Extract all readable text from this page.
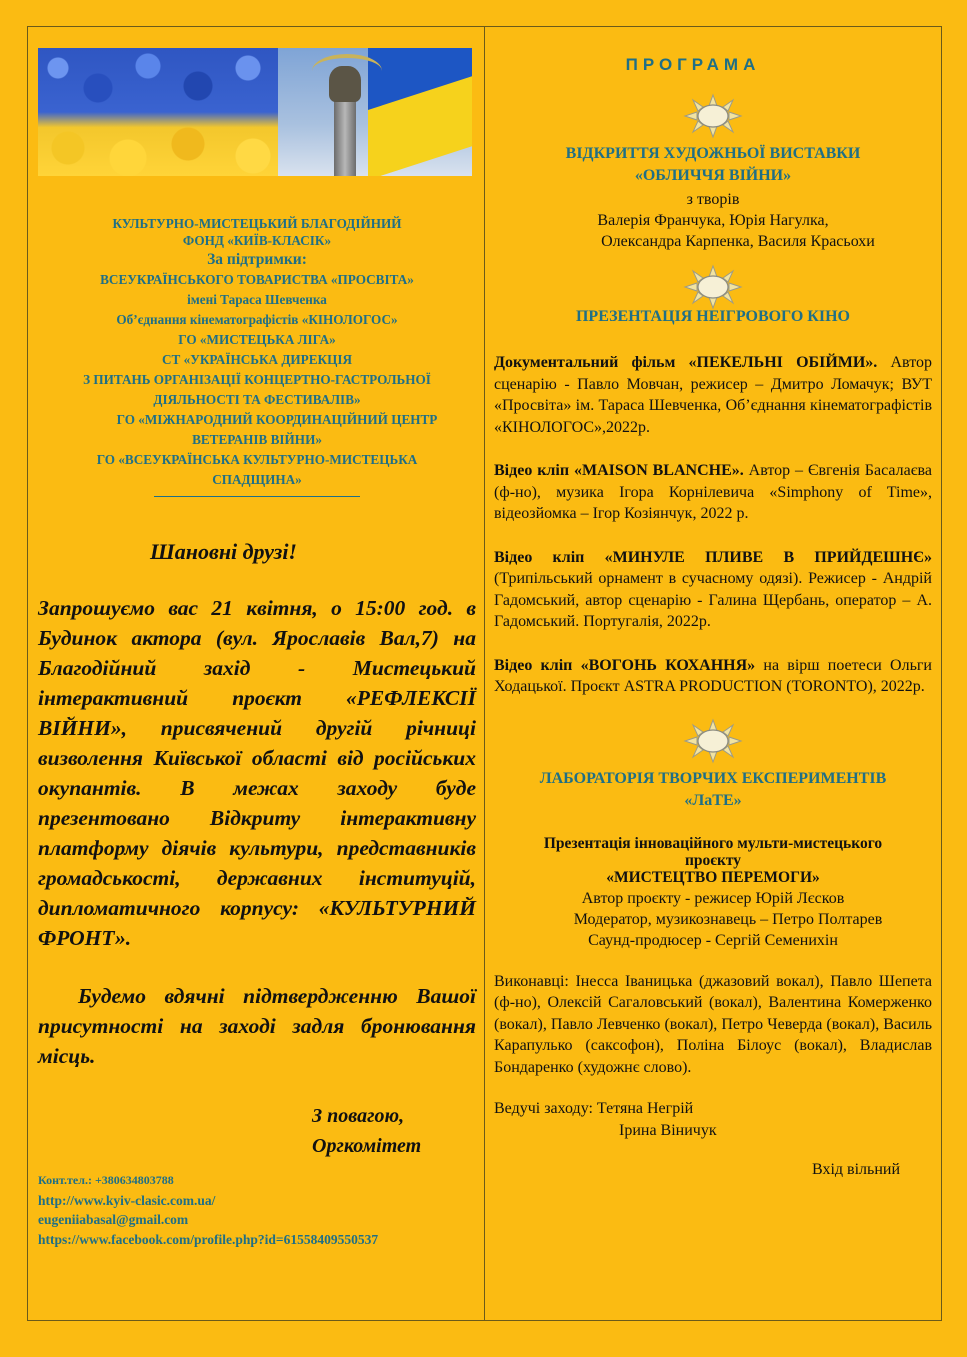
КУЛЬТУРНО-МИСТЕЦЬКИЙ БЛАГОДІЙНИЙ
ФОНД «КИЇВ-КЛАСІК»
За підтримки:
ВСЕУКРАЇНСЬКОГО ТОВАРИСТВА «ПРОСВІТА»
імені Тараса Шевченка
Об’єднання кінематографістів «КІНОЛОГОС»
ГО «МИСТЕЦЬКА ЛІГА»
СТ «УКРАЇНСЬКА ДИРЕКЦІЯ
З ПИТАНЬ ОРГАНІЗАЦІЇ КОНЦЕРТНО-ГАСТРОЛЬНОЇ
ДІЯЛЬНОСТІ ТА ФЕСТИВАЛІВ»
ГО «МІЖНАРОДНИЙ КООРДИНАЦІЙНИЙ ЦЕНТР
ВЕТЕРАНІВ ВІЙНИ»
ГО «ВСЕУКРАЇНСЬКА КУЛЬТУРНО-МИСТЕЦЬКА
СПАДЩИНА»
Шановні друзі!
Запрошуємо вас 21 квітня, о 15:00 год. в Будинок актора (вул. Ярославів Вал,7) на Благодійний захід - Мистецький інтерактивний проєкт «РЕФЛЕКСІЇ ВІЙНИ», присвячений другій річниці визволення Київської області від російських окупантів. В межах заходу буде презентовано Відкриту інтерактивну платформу діячів культури, представників громадськості, державних інституцій, дипломатичного корпусу: «КУЛЬТУРНИЙ ФРОНТ».
Будемо вдячні підтвердженню Вашої присутності на заході задля бронювання місць.
З повагою,
Оргкомітет
Конт.тел.: +380634803788
http://www.kyiv-clasic.com.ua/
eugeniiabasal@gmail.com
https://www.facebook.com/profile.php?id=61558409550537
ПРОГРАМА
ВІДКРИТТЯ ХУДОЖНЬОЇ ВИСТАВКИ
«ОБЛИЧЧЯ ВІЙНИ»
з творів
Валерія Франчука, Юрія Нагулка,
Олександра Карпенка, Василя Красьохи
ПРЕЗЕНТАЦІЯ НЕІГРОВОГО КІНО
Документальний фільм «ПЕКЕЛЬНІ ОБІЙМИ». Автор сценарію - Павло Мовчан, режисер – Дмитро Ломачук; ВУТ «Просвіта» ім. Тараса Шевченка, Об’єднання кінематографістів «КІНОЛОГОС»,2022р.
Відео кліп «MAISON BLANCHE». Автор – Євгенія Басалаєва (ф-но), музика Ігора Корнілевича «Simphony of Time», відеозйомка – Ігор Козіянчук, 2022 р.
Відео кліп «МИНУЛЕ ПЛИВЕ В ПРИЙДЕШНЄ» (Трипільський орнамент в сучасному одязі). Режисер - Андрій Гадомський, автор сценарію - Галина Щербань, оператор – А. Гадомський. Португалія, 2022р.
Відео кліп «ВОГОНЬ КОХАННЯ» на вірш поетеси Ольги Ходацької. Проєкт ASTRA PRODUCTION (TORONTO), 2022р.
ЛАБОРАТОРІЯ ТВОРЧИХ ЕКСПЕРИМЕНТІВ
«ЛаТЕ»
Презентація інноваційного мульти-мистецького
проєкту
«МИСТЕЦТВО ПЕРЕМОГИ»
Автор проєкту - режисер Юрій Лєсков
Модератор, музикознавець – Петро Полтарев
Саунд-продюсер - Сергій Семенихін
Виконавці: Інесса Іваницька (джазовий вокал), Павло Шепета (ф-но), Олексій Сагаловський (вокал), Валентина Комерженко (вокал), Павло Левченко (вокал), Петро Чеверда (вокал), Василь Карапулько (саксофон), Поліна Білоус (вокал), Владислав Бондаренко (художнє слово).
Ведучі заходу: Тетяна Негрій
Ірина Віничук
Вхід вільний
